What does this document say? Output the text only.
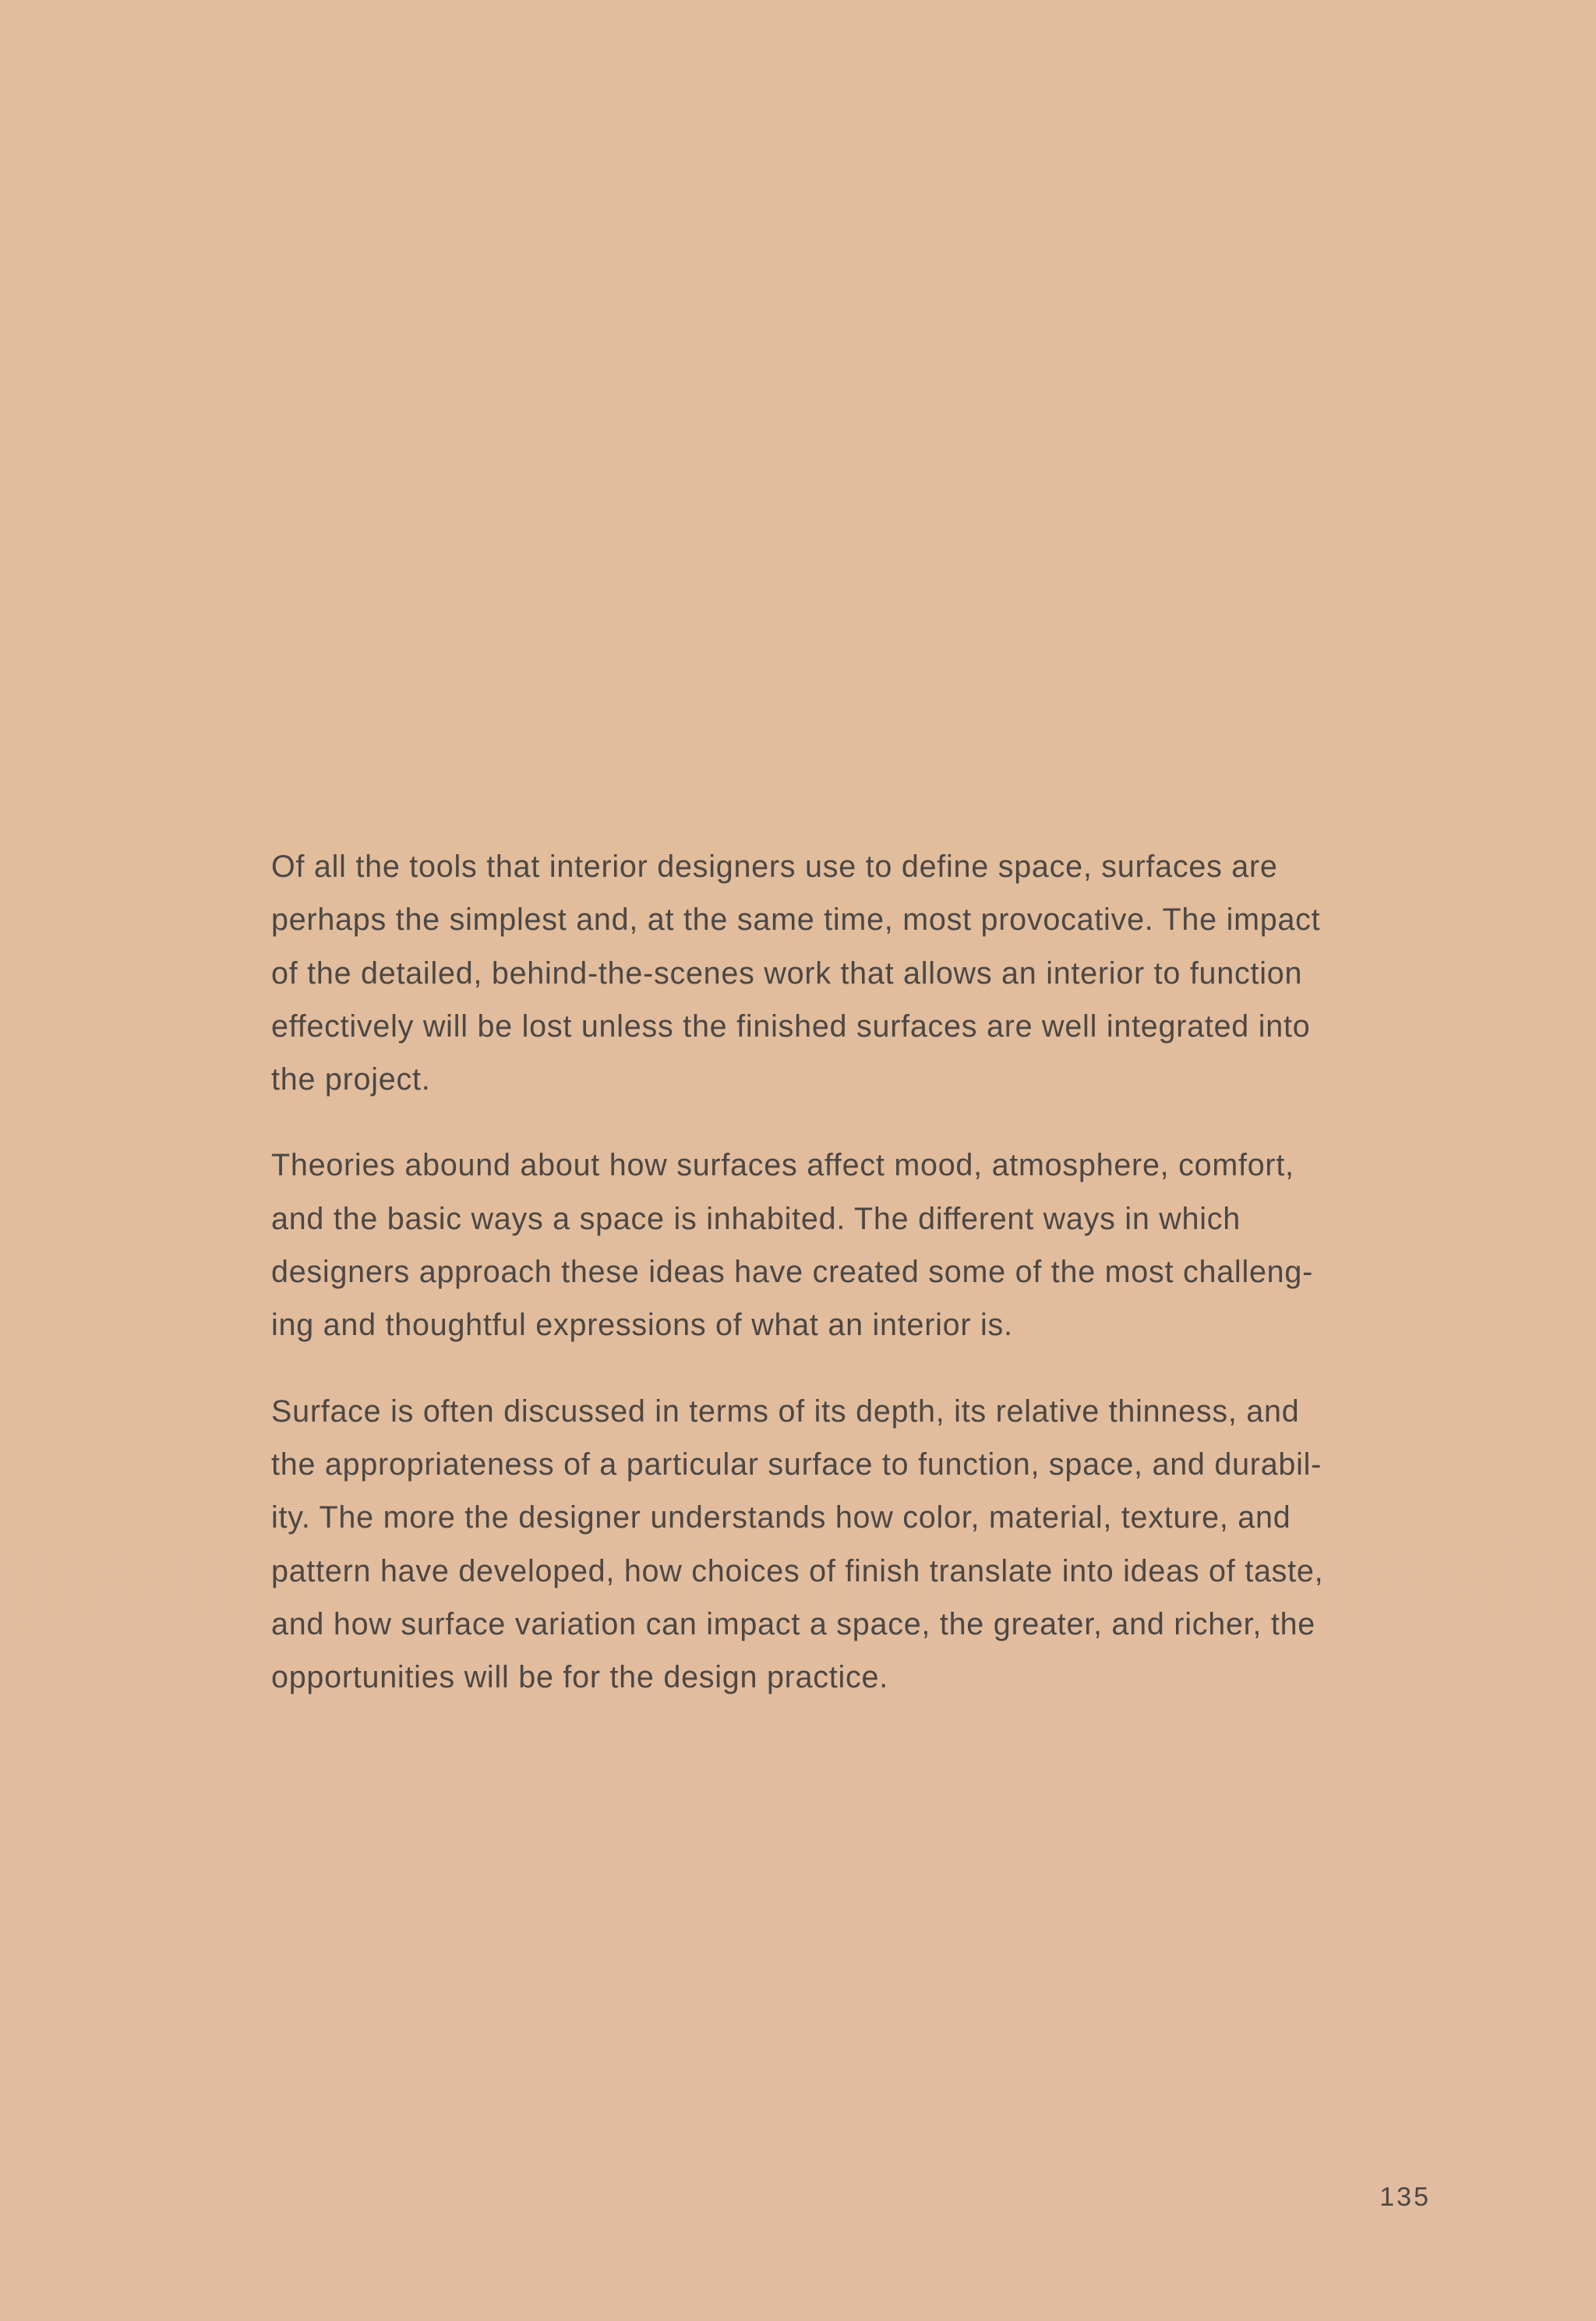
Of all the tools that interior designers use to define space, surfaces are
perhaps the simplest and, at the same time, most provocative. The impact
of the detailed, behind-the-scenes work that allows an interior to function
effectively will be lost unless the finished surfaces are well integrated into
the project.

Theories abound about how surfaces affect mood, atmosphere, comfort,
and the basic ways a space is inhabited. The different ways in which
designers approach these ideas have created some of the most challeng-
ing and thoughtful expressions of what an interior is.

Surface is often discussed in terms of its depth, its relative thinness, and
the appropriateness of a particular surface to function, space, and durabil-
ity. The more the designer understands how color, material, texture, and
pattern have developed, how choices of finish translate into ideas of taste,
and how surface variation can impact a space, the greater, and richer, the
opportunities will be for the design practice.

135
